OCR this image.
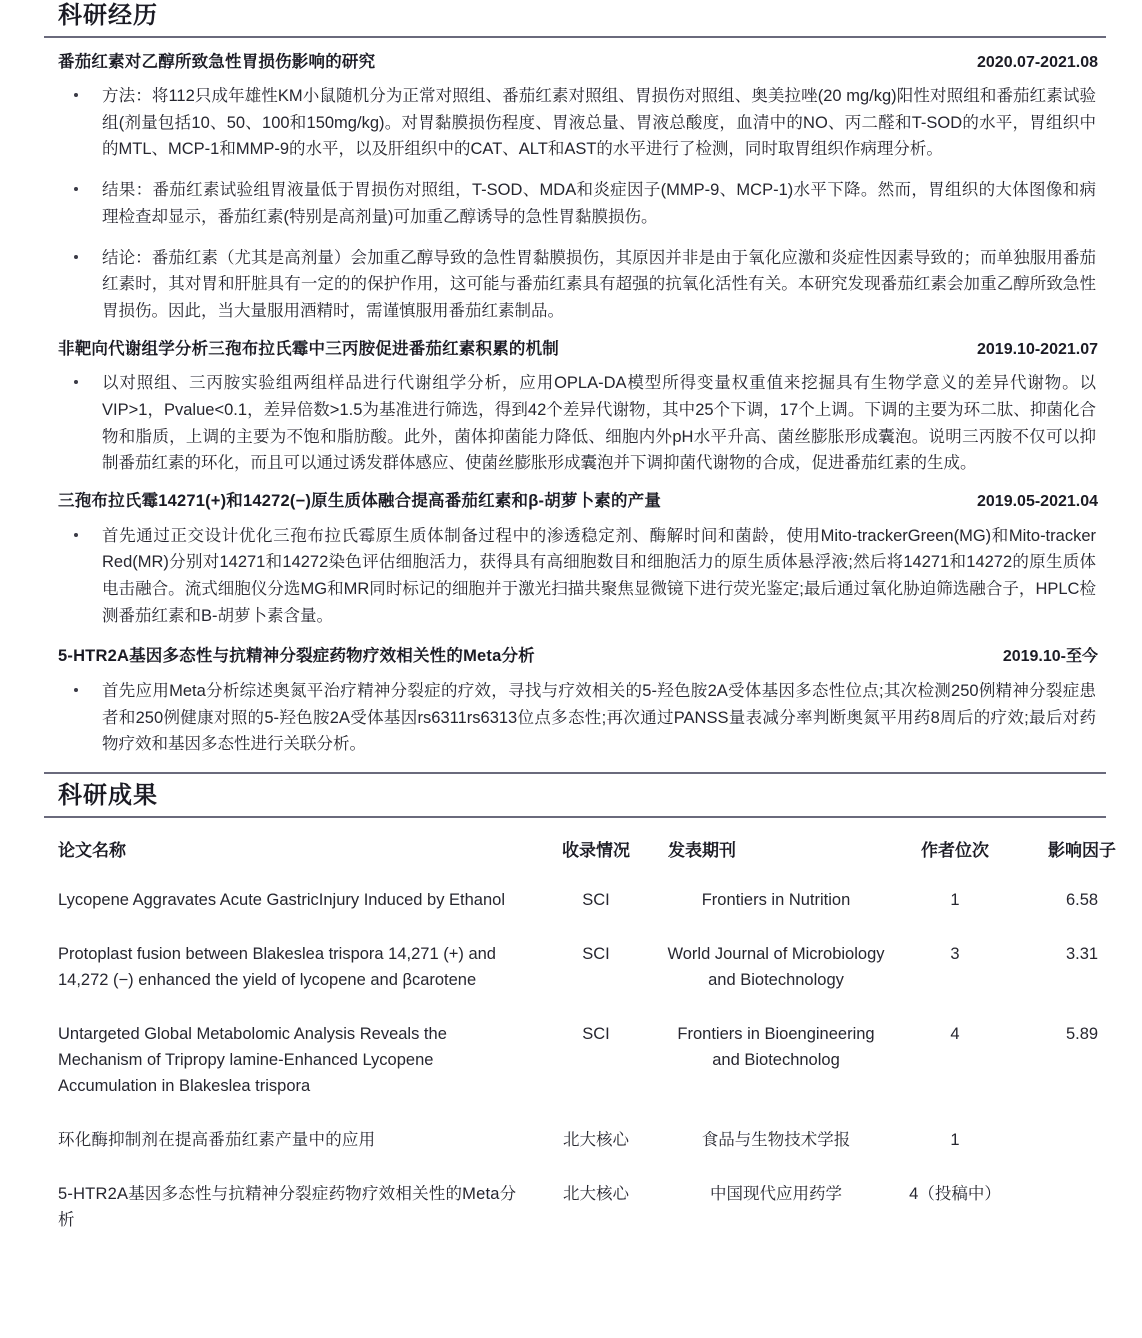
科研经历
番茄红素对乙醇所致急性胃损伤影响的研究	2020.07-2021.08
方法：将112只成年雄性KM小鼠随机分为正常对照组、番茄红素对照组、胃损伤对照组、奥美拉唑(20 mg/kg)阳性对照组和番茄红素试验组(剂量包括10、50、100和150mg/kg)。对胃黏膜损伤程度、胃液总量、胃液总酸度，血清中的NO、丙二醛和T-SOD的水平，胃组织中的MTL、MCP-1和MMP-9的水平，以及肝组织中的CAT、ALT和AST的水平进行了检测，同时取胃组织作病理分析。
结果：番茄红素试验组胃液量低于胃损伤对照组，T-SOD、MDA和炎症因子(MMP-9、MCP-1)水平下降。然而，胃组织的大体图像和病理检查却显示，番茄红素(特别是高剂量)可加重乙醇诱导的急性胃黏膜损伤。
结论：番茄红素（尤其是高剂量）会加重乙醇导致的急性胃黏膜损伤，其原因并非是由于氧化应激和炎症性因素导致的；而单独服用番茄红素时，其对胃和肝脏具有一定的的保护作用，这可能与番茄红素具有超强的抗氧化活性有关。本研究发现番茄红素会加重乙醇所致急性胃损伤。因此，当大量服用酒精时，需谨慎服用番茄红素制品。
非靶向代谢组学分析三孢布拉氏霉中三丙胺促进番茄红素积累的机制	2019.10-2021.07
以对照组、三丙胺实验组两组样品进行代谢组学分析，应用OPLA-DA模型所得变量权重值来挖掘具有生物学意义的差异代谢物。以VIP>1，Pvalue<0.1，差异倍数>1.5为基准进行筛选，得到42个差异代谢物，其中25个下调，17个上调。下调的主要为环二肽、抑菌化合物和脂质，上调的主要为不饱和脂肪酸。此外，菌体抑菌能力降低、细胞内外pH水平升高、菌丝膨胀形成囊泡。说明三丙胺不仅可以抑制番茄红素的环化，而且可以通过诱发群体感应、使菌丝膨胀形成囊泡并下调抑菌代谢物的合成，促进番茄红素的生成。
三孢布拉氏霉14271(+)和14272(−)原生质体融合提高番茄红素和β-胡萝卜素的产量	2019.05-2021.04
首先通过正交设计优化三孢布拉氏霉原生质体制备过程中的渗透稳定剂、酶解时间和菌龄，使用Mito-trackerGreen(MG)和Mito-tracker Red(MR)分别对14271和14272染色评估细胞活力，获得具有高细胞数目和细胞活力的原生质体悬浮液;然后将14271和14272的原生质体电击融合。流式细胞仪分选MG和MR同时标记的细胞并于激光扫描共聚焦显微镜下进行荧光鉴定;最后通过氧化胁迫筛选融合子，HPLC检测番茄红素和B-胡萝卜素含量。
5-HTR2A基因多态性与抗精神分裂症药物疗效相关性的Meta分析	2019.10-至今
首先应用Meta分析综述奥氮平治疗精神分裂症的疗效，寻找与疗效相关的5-羟色胺2A受体基因多态性位点;其次检测250例精神分裂症患者和250例健康对照的5-羟色胺2A受体基因rs6311rs6313位点多态性;再次通过PANSS量表减分率判断奥氮平用药8周后的疗效;最后对药物疗效和基因多态性进行关联分析。
科研成果
论文名称	收录情况	发表期刊	作者位次	影响因子
Lycopene Aggravates Acute GastricInjury Induced by Ethanol	SCI	Frontiers in Nutrition	1	6.58
Protoplast fusion between Blakeslea trispora 14,271 (+) and 14,272 (−) enhanced the yield of lycopene and βcarotene	SCI	World Journal of Microbiology and Biotechnology	3	3.31
Untargeted Global Metabolomic Analysis Reveals the Mechanism of Tripropy lamine-Enhanced Lycopene Accumulation in Blakeslea trispora	SCI	Frontiers in Bioengineering and Biotechnolog	4	5.89
环化酶抑制剂在提高番茄红素产量中的应用	北大核心	食品与生物技术学报	1	
5-HTR2A基因多态性与抗精神分裂症药物疗效相关性的Meta分析	北大核心	中国现代应用药学	4（投稿中）	
